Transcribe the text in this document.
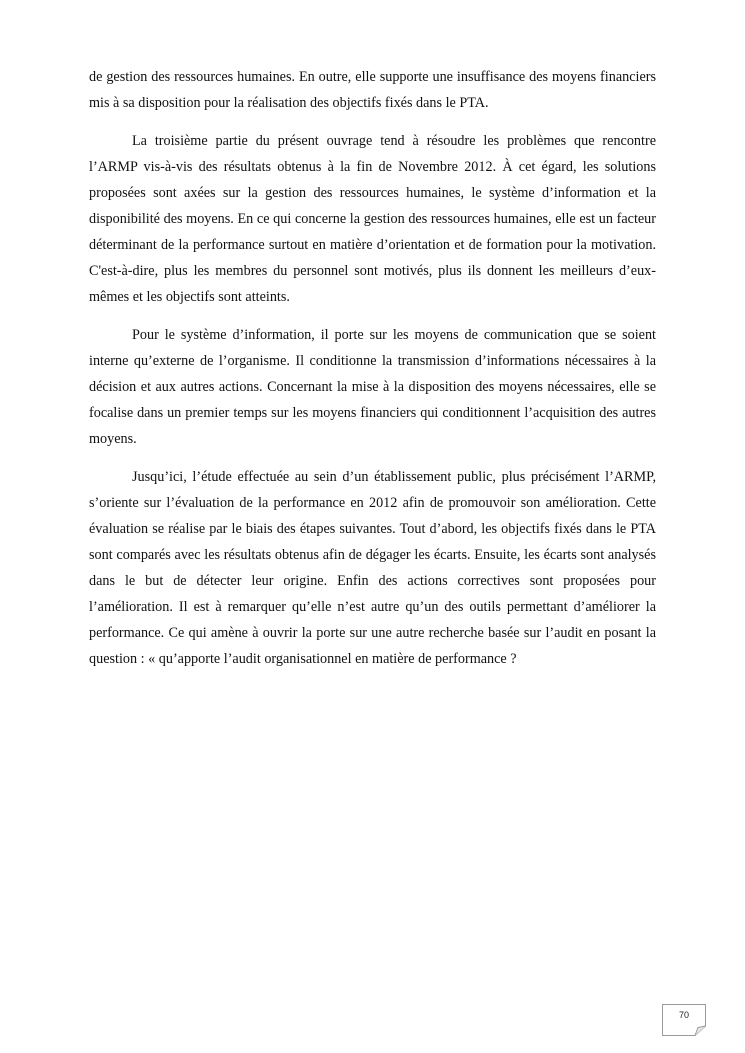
de gestion des ressources humaines. En outre, elle supporte une insuffisance des moyens financiers mis à sa disposition pour la réalisation des objectifs fixés dans le PTA.

La troisième partie du présent ouvrage tend à résoudre les problèmes que rencontre l’ARMP vis-à-vis des résultats obtenus à la fin de Novembre 2012. À cet égard, les solutions proposées sont axées sur la gestion des ressources humaines, le système d’information et la disponibilité des moyens. En ce qui concerne la gestion des ressources humaines, elle est un facteur déterminant de la performance surtout en matière d’orientation et de formation pour la motivation. C'est-à-dire, plus les membres du personnel sont motivés, plus ils donnent les meilleurs d’eux-mêmes et les objectifs sont atteints.

Pour le système d’information, il porte sur les moyens de communication que se soient interne qu’externe de l’organisme. Il conditionne la transmission d’informations nécessaires à la décision et aux autres actions. Concernant la mise à la disposition des moyens nécessaires, elle se focalise dans un premier temps sur les moyens financiers qui conditionnent l’acquisition des autres moyens.

Jusqu’ici, l’étude effectuée au sein d’un établissement public, plus précisément l’ARMP, s’oriente sur l’évaluation de la performance en 2012 afin de promouvoir son amélioration. Cette évaluation se réalise par le biais des étapes suivantes. Tout d’abord, les objectifs fixés dans le PTA sont comparés avec les résultats obtenus afin de dégager les écarts. Ensuite, les écarts sont analysés dans le but de détecter leur origine. Enfin des actions correctives sont proposées pour l’amélioration. Il est à remarquer qu’elle n’est autre qu’un des outils permettant d’améliorer la performance. Ce qui amène à ouvrir la porte sur une autre recherche basée sur l’audit en posant la question : « qu’apporte l’audit organisationnel en matière de performance ?

70
